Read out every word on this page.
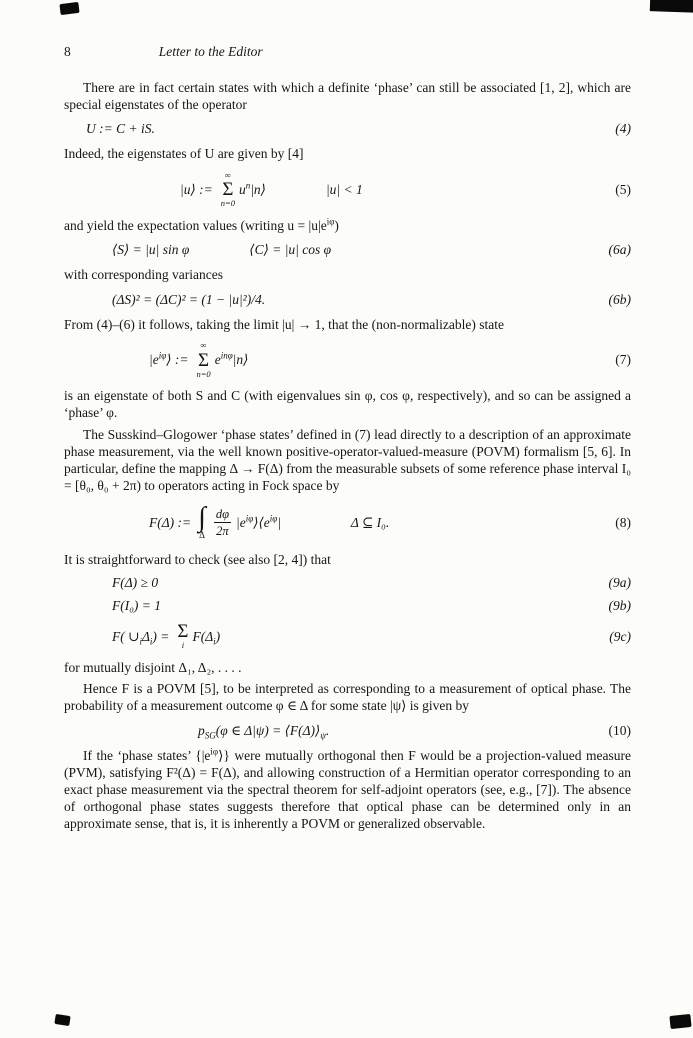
8	Letter to the Editor

There are in fact certain states with which a definite ‘phase’ can still be associated [1, 2], which are special eigenstates of the operator

U := C + iS.	(4)

Indeed, the eigenstates of U are given by [4]

|u⟩ :=
∞
Σ
n=0
$u^n|n⟩$	|u| < 1	(5)

and yield the expectation values (writing $u = |u|e^{i\varphi}$)

⟨S⟩ = |u| sin φ	⟨C⟩ = |u| cos φ	(6a)

with corresponding variances

(ΔS)² = (ΔC)² = (1 − |u|²)/4.	(6b)

From (4)–(6) it follows, taking the limit |u| → 1, that the (non-normalizable) state

$|e^{i\varphi}⟩$ :=
∞
Σ
n=0
$e^{in\varphi}|n⟩$	(7)

is an eigenstate of both S and C (with eigenvalues sin φ, cos φ, respectively), and so can be assigned a ‘phase’ φ.

The Susskind–Glogower ‘phase states’ defined in (7) lead directly to a description of an approximate phase measurement, via the well known positive-operator-valued-measure (POVM) formalism [5, 6]. In particular, define the mapping Δ → F(Δ) from the measurable subsets of some reference phase interval I₀ = [θ₀, θ₀ + 2π) to operators acting in Fock space by

F(Δ) := ∫
Δ $\frac{d\varphi}{2\pi}$ $|e^{i\varphi}⟩⟨e^{i\varphi}|$	Δ ⊆ I₀.	(8)

It is straightforward to check (see also [2, 4]) that

F(Δ) ≥ 0	(9a)
F(I₀) = 1	(9b)
F( $\cup_i\Delta_i) = \Sigma$
i
$F(\Delta_i)$	(9c)

for mutually disjoint Δ₁, Δ₂, . . . .

Hence F is a POVM [5], to be interpreted as corresponding to a measurement of optical phase. The probability of a measurement outcome φ ∈ Δ for some state |ψ⟩ is given by

$p_{SG}(\varphi$ ∈ $\Delta|\psi) = ⟨F(\Delta)⟩_\psi$.	(10)

If the ‘phase states’ $\{|e^{i\varphi}⟩\}$ were mutually orthogonal then F would be a projection-valued measure (PVM), satisfying F²(Δ) = F(Δ), and allowing construction of a Hermitian operator corresponding to an exact phase measurement via the spectral theorem for self-adjoint operators (see, e.g., [7]). The absence of orthogonal phase states suggests therefore that optical phase can be determined only in an approximate sense, that is, it is inherently a POVM or generalized observable.
